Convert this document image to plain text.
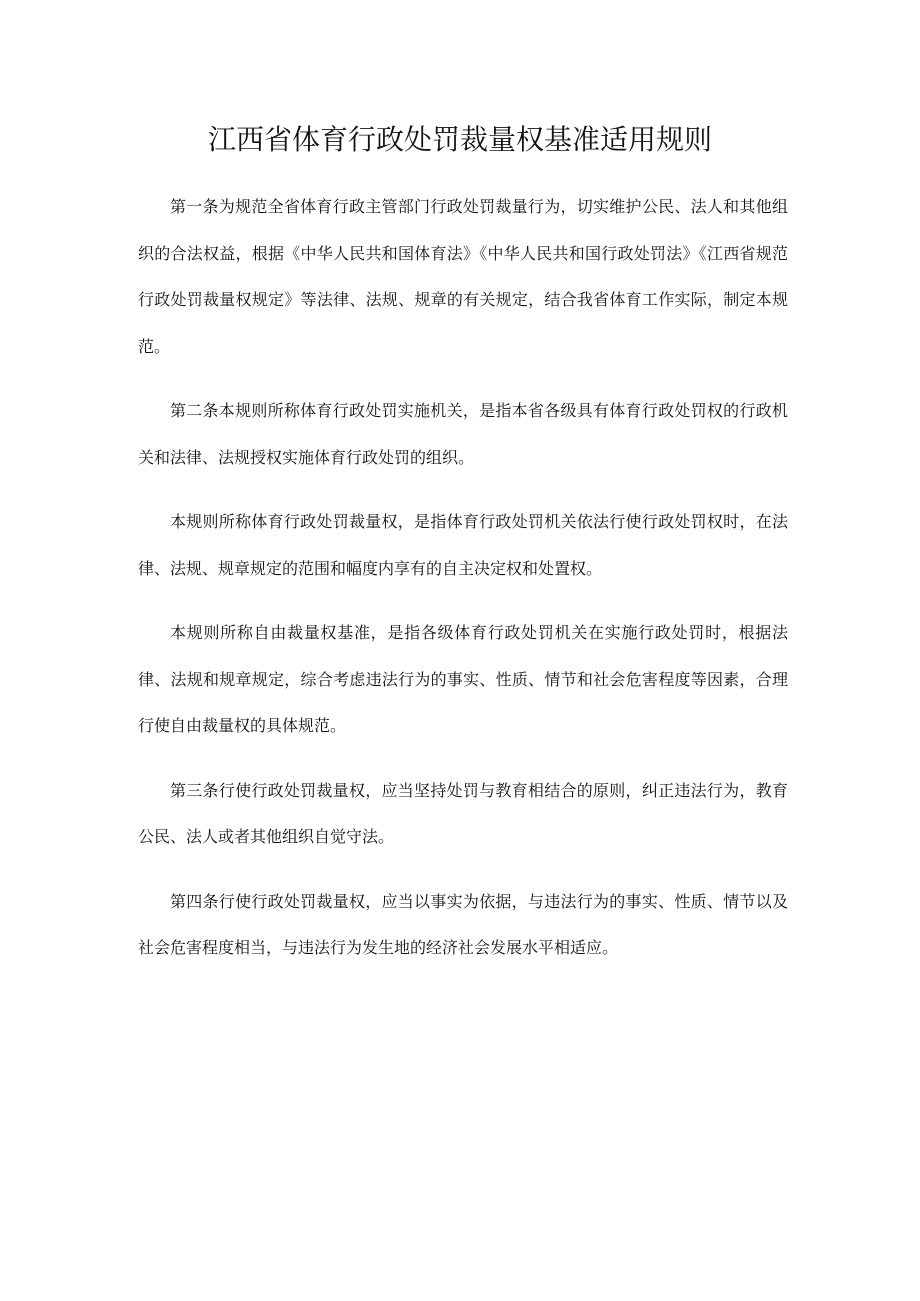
江西省体育行政处罚裁量权基准适用规则

第一条为规范全省体育行政主管部门行政处罚裁量行为，切实维护公民、法人和其他组织的合法权益，根据《中华人民共和国体育法》《中华人民共和国行政处罚法》《江西省规范行政处罚裁量权规定》等法律、法规、规章的有关规定，结合我省体育工作实际，制定本规范。

第二条本规则所称体育行政处罚实施机关，是指本省各级具有体育行政处罚权的行政机关和法律、法规授权实施体育行政处罚的组织。

本规则所称体育行政处罚裁量权，是指体育行政处罚机关依法行使行政处罚权时，在法律、法规、规章规定的范围和幅度内享有的自主决定权和处置权。

本规则所称自由裁量权基准，是指各级体育行政处罚机关在实施行政处罚时，根据法律、法规和规章规定，综合考虑违法行为的事实、性质、情节和社会危害程度等因素，合理行使自由裁量权的具体规范。

第三条行使行政处罚裁量权，应当坚持处罚与教育相结合的原则，纠正违法行为，教育公民、法人或者其他组织自觉守法。

第四条行使行政处罚裁量权，应当以事实为依据，与违法行为的事实、性质、情节以及社会危害程度相当，与违法行为发生地的经济社会发展水平相适应。
